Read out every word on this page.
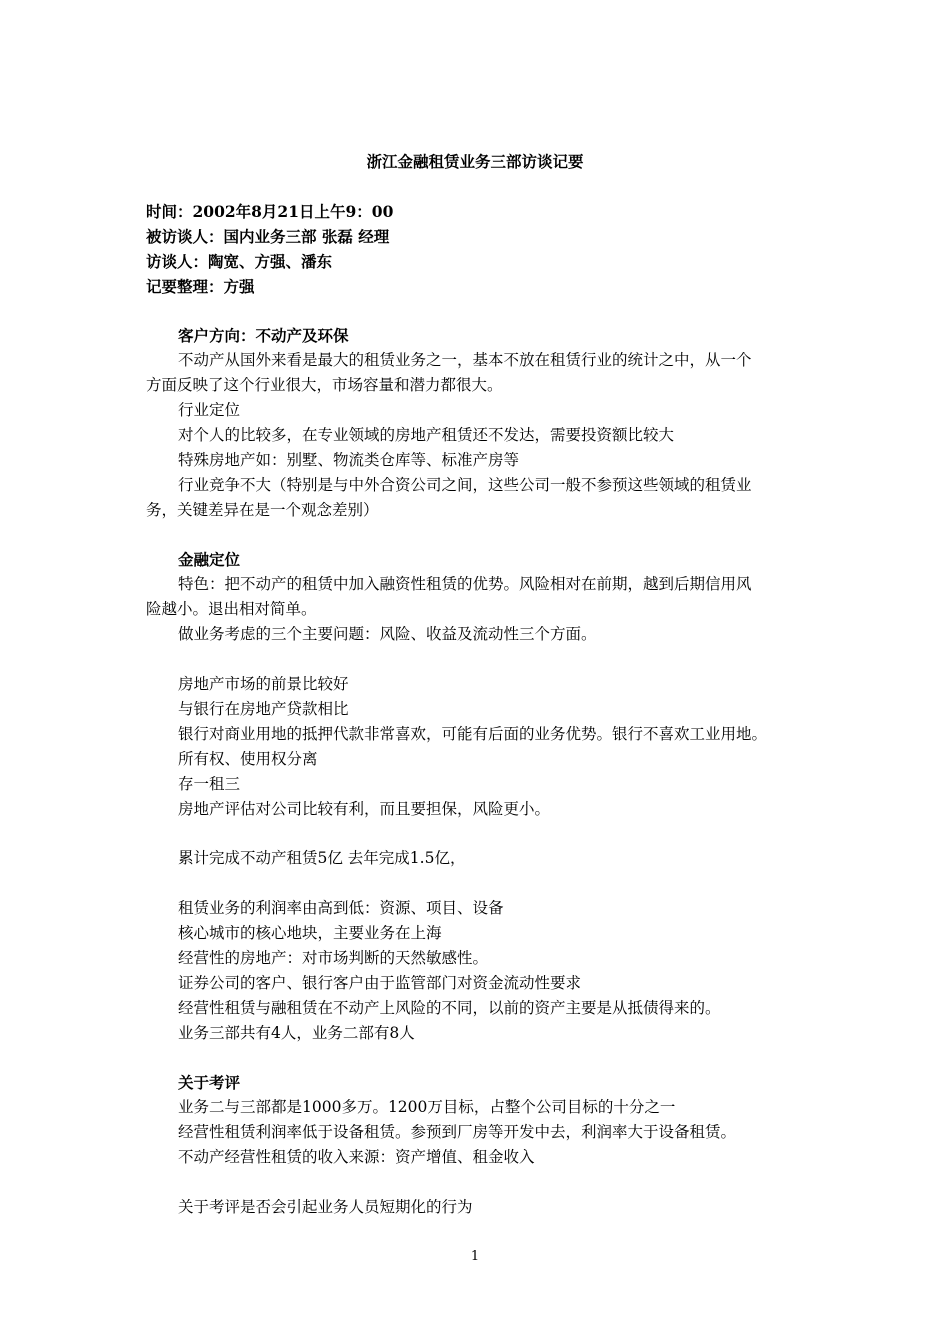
浙江金融租赁业务三部访谈记要
时间：2002年8月21日上午9：00
被访谈人：国内业务三部 张磊 经理
访谈人：陶宽、方强、潘东
记要整理：方强
客户方向：不动产及环保
不动产从国外来看是最大的租赁业务之一，基本不放在租赁行业的统计之中，从一个
方面反映了这个行业很大，市场容量和潜力都很大。
行业定位
对个人的比较多，在专业领域的房地产租赁还不发达，需要投资额比较大
特殊房地产如：别墅、物流类仓库等、标准产房等
行业竞争不大（特别是与中外合资公司之间，这些公司一般不参预这些领域的租赁业
务，关键差异在是一个观念差别）
金融定位
特色：把不动产的租赁中加入融资性租赁的优势。风险相对在前期，越到后期信用风
险越小。退出相对简单。
做业务考虑的三个主要问题：风险、收益及流动性三个方面。
房地产市场的前景比较好
与银行在房地产贷款相比
银行对商业用地的抵押代款非常喜欢，可能有后面的业务优势。银行不喜欢工业用地。
所有权、使用权分离
存一租三
房地产评估对公司比较有利，而且要担保，风险更小。
累计完成不动产租赁5亿 去年完成1.5亿，
租赁业务的利润率由高到低：资源、项目、设备
核心城市的核心地块，主要业务在上海
经营性的房地产：对市场判断的天然敏感性。
证券公司的客户、银行客户由于监管部门对资金流动性要求
经营性租赁与融租赁在不动产上风险的不同，以前的资产主要是从抵债得来的。
业务三部共有4人，业务二部有8人
关于考评
业务二与三部都是1000多万。1200万目标，占整个公司目标的十分之一
经营性租赁利润率低于设备租赁。参预到厂房等开发中去，利润率大于设备租赁。
不动产经营性租赁的收入来源：资产增值、租金收入
关于考评是否会引起业务人员短期化的行为
1
